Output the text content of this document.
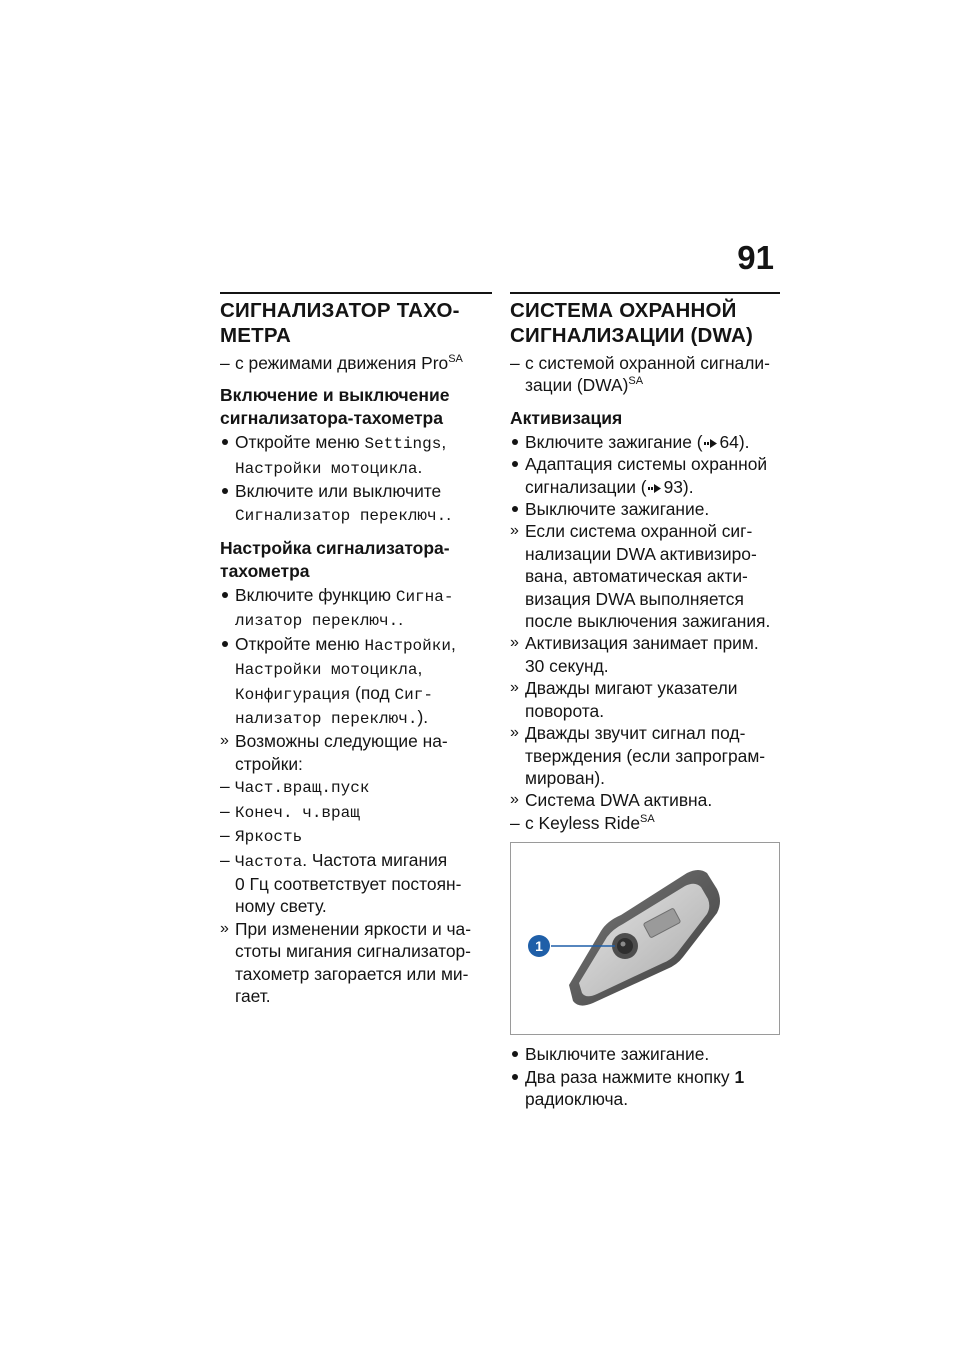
91
СИГНАЛИЗАТОР ТАХО-
МЕТРА
– с режимами движения Pro$^{SA}$
Включение и выключение
сигнализатора-тахометра
Откройте меню Settings,
Настройки мотоцикла.
Включите или выключите
Сигнализатор переключ..
Настройка сигнализатора-
тахометра
Включите функцию Сигна-
лизатор переключ..
Откройте меню Настройки,
Настройки мотоцикла,
Конфигурация (под Сиг-
нализатор переключ.).
» Возможны следующие на-
стройки:
– Част.вращ.пуск
– Конеч. ч.вращ
– Яркость
– Частота. Частота мигания
0 Гц соответствует постоян-
ному свету.
» При изменении яркости и ча-
стоты мигания сигнализатор-
тахометр загорается или ми-
гает.
СИСТЕМА ОХРАННОЙ
СИГНАЛИЗАЦИИ (DWA)
– с системой охранной сигнали-
зации (DWA)$^{SA}$
Активизация
Включите зажигание ( 64).
Адаптация системы охранной
сигнализации ( 93).
Выключите зажигание.
» Если система охранной сиг-
нализации DWA активизиро-
вана, автоматическая акти-
визация DWA выполняется
после выключения зажигания.
» Активизация занимает прим.
30 секунд.
» Дважды мигают указатели
поворота.
» Дважды звучит сигнал под-
тверждения (если запрограм-
мирован).
» Система DWA активна.
– с Keyless Ride$^{SA}$
1
Выключите зажигание.
Два раза нажмите кнопку 1
радиоключа.
